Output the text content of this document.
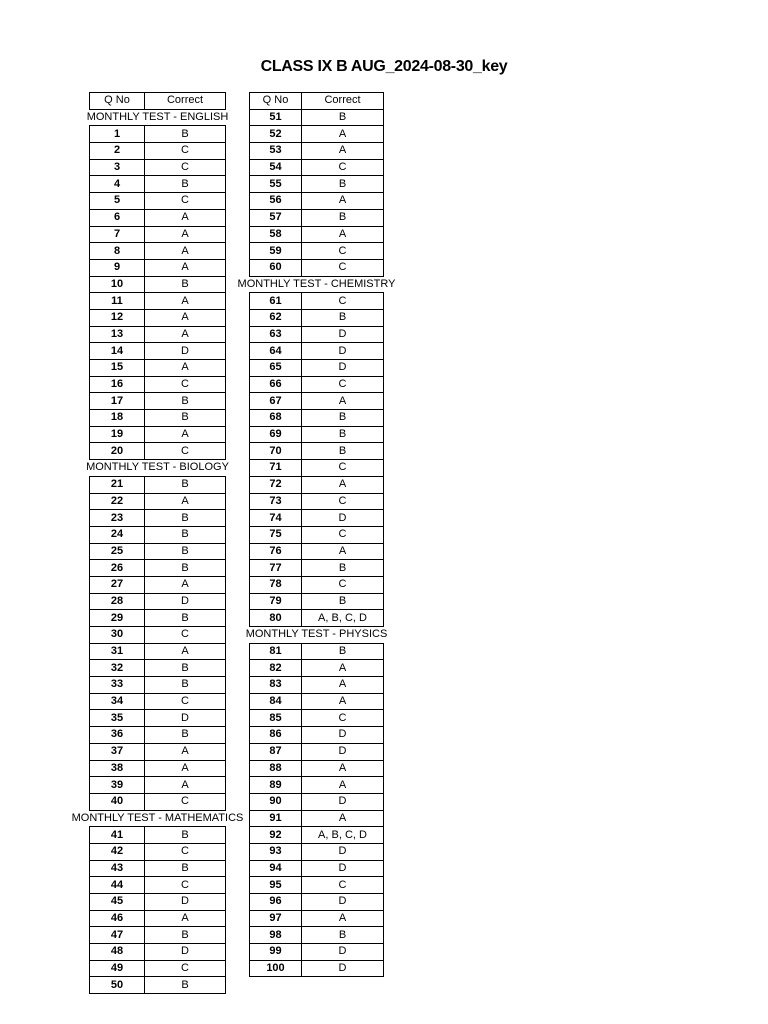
CLASS IX B AUG_2024-08-30_key
Q No	Correct

MONTHLY TEST - ENGLISH	

1	B
2	C
3	C
4	B
5	C
6	A
7	A
8	A
9	A
10	B
11	A
12	A
13	A
14	D
15	A
16	C
17	B
18	B
19	A
20	C

MONTHLY TEST - BIOLOGY	

21	B
22	A
23	B
24	B
25	B
26	B
27	A
28	D
29	B
30	C
31	A
32	B
33	B
34	C
35	D
36	B
37	A
38	A
39	A
40	C

MONTHLY TEST - MATHEMATICS	

41	B
42	C
43	B
44	C
45	D
46	A
47	B
48	D
49	C
50	B
Q No	Correct
51	B
52	A
53	A
54	C
55	B
56	A
57	B
58	A
59	C
60	C

MONTHLY TEST - CHEMISTRY	

61	C
62	B
63	D
64	D
65	D
66	C
67	A
68	B
69	B
70	B
71	C
72	A
73	C
74	D
75	C
76	A
77	B
78	C
79	B
80	A, B, C, D

MONTHLY TEST - PHYSICS	

81	B
82	A
83	A
84	A
85	C
86	D
87	D
88	A
89	A
90	D
91	A
92	A, B, C, D
93	D
94	D
95	C
96	D
97	A
98	B
99	D
100	D
